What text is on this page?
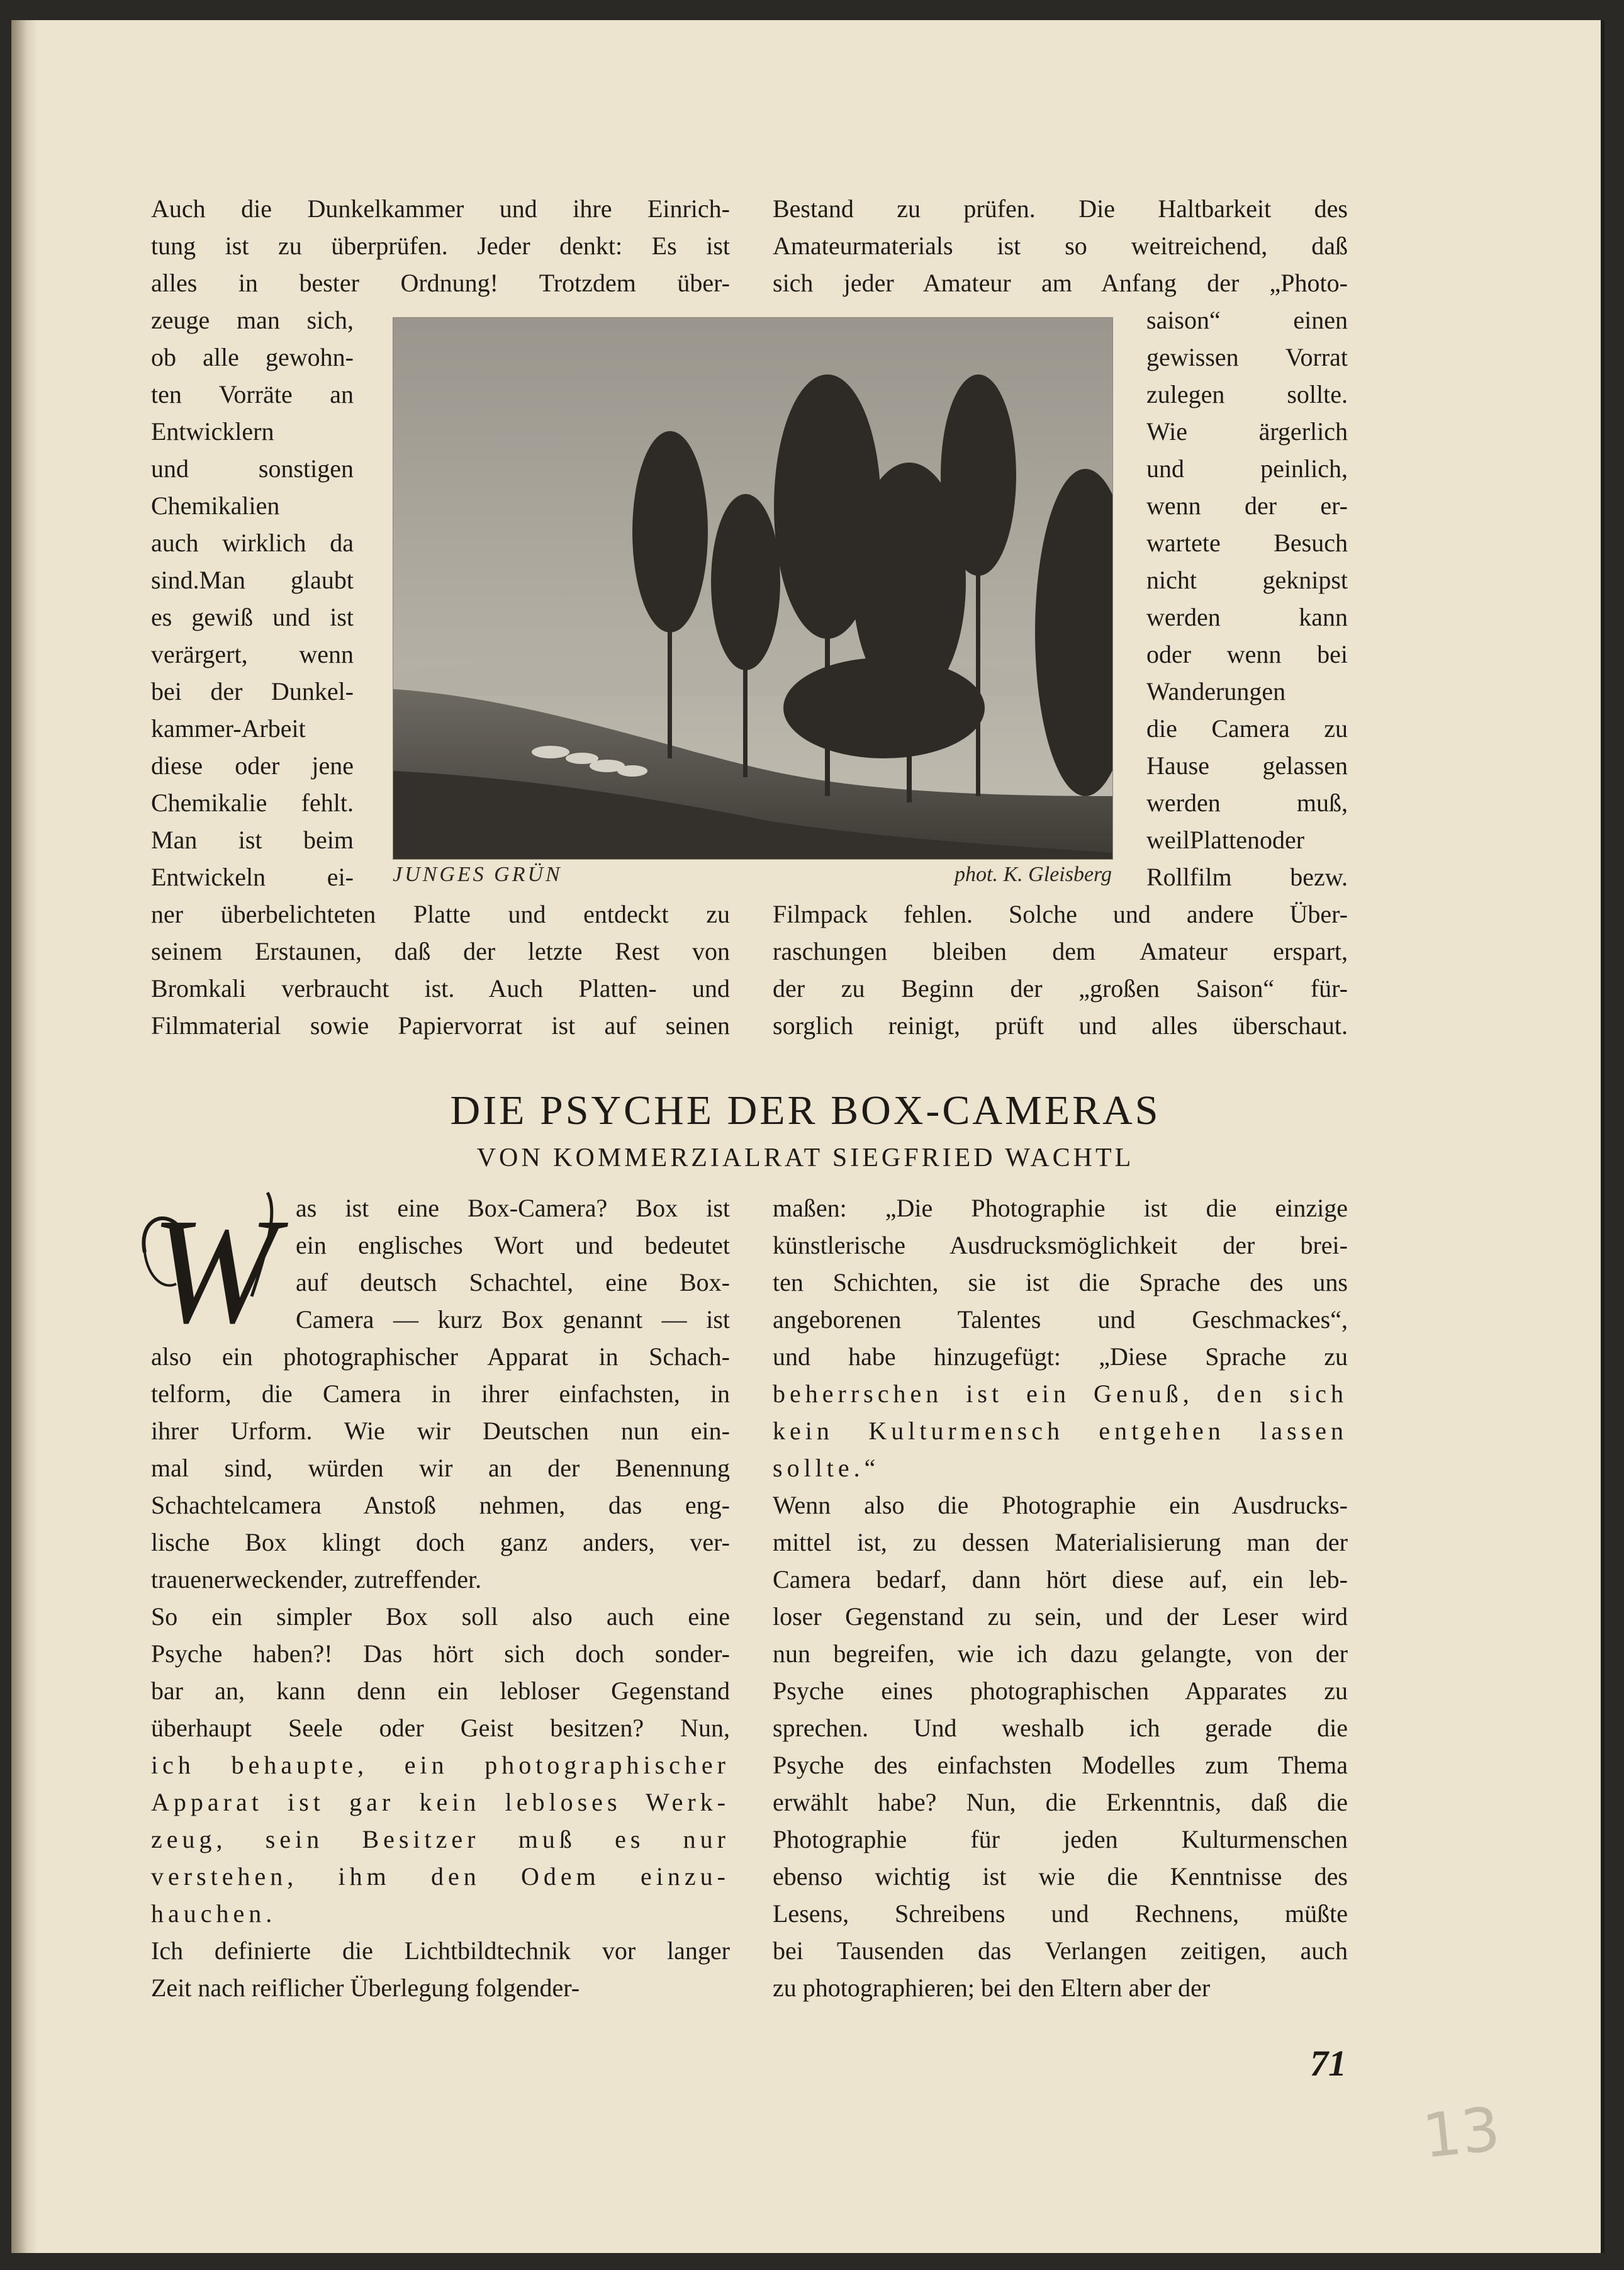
Auch die Dunkelkammer und ihre Einrich-
tung ist zu überprüfen. Jeder denkt: Es ist
alles in bester Ordnung! Trotzdem über-
zeuge man sich,
ob alle gewohn-
ten Vorräte an
Entwicklern
und sonstigen
Chemikalien
auch wirklich da
sind.Man glaubt
es gewiß und ist
verärgert, wenn
bei der Dunkel-
kammer-Arbeit
diese oder jene
Chemikalie fehlt.
Man ist beim
Entwickeln ei-
ner überbelichteten Platte und entdeckt zu
seinem Erstaunen, daß der letzte Rest von
Bromkali verbraucht ist. Auch Platten- und
Filmmaterial sowie Papiervorrat ist auf seinen
Bestand zu prüfen. Die Haltbarkeit des
Amateurmaterials ist so weitreichend, daß
sich jeder Amateur am Anfang der „Photo-
saison“ einen
gewissen Vorrat
zulegen sollte.
Wie ärgerlich
und peinlich,
wenn der er-
wartete Besuch
nicht geknipst
werden kann
oder wenn bei
Wanderungen
die Camera zu
Hause gelassen
werden muß,
weilPlattenoder
Rollfilm bezw.
Filmpack fehlen. Solche und andere Über-
raschungen bleiben dem Amateur erspart,
der zu Beginn der „großen Saison“ für-
sorglich reinigt, prüft und alles überschaut.
JUNGES GRÜN	phot. K. Gleisberg
DIE PSYCHE DER BOX-CAMERAS
VON KOMMERZIALRAT SIEGFRIED WACHTL
W as ist eine Box-Camera? Box ist
ein englisches Wort und bedeutet
auf deutsch Schachtel, eine Box-
Camera — kurz Box genannt — ist
also ein photographischer Apparat in Schach-
telform, die Camera in ihrer einfachsten, in
ihrer Urform. Wie wir Deutschen nun ein-
mal sind, würden wir an der Benennung
Schachtelcamera Anstoß nehmen, das eng-
lische Box klingt doch ganz anders, ver-
trauenerweckender, zutreffender.
So ein simpler Box soll also auch eine
Psyche haben?! Das hört sich doch sonder-
bar an, kann denn ein lebloser Gegenstand
überhaupt Seele oder Geist besitzen? Nun,
ich behaupte, ein photographischer
Apparat ist gar kein lebloses Werk-
zeug, sein Besitzer muß es nur
verstehen, ihm den Odem einzu-
hauchen.
Ich definierte die Lichtbildtechnik vor langer
Zeit nach reiflicher Überlegung folgender-
maßen: „Die Photographie ist die einzige
künstlerische Ausdrucksmöglichkeit der brei-
ten Schichten, sie ist die Sprache des uns
angeborenen Talentes und Geschmackes“,
und habe hinzugefügt: „Diese Sprache zu
beherrschen ist ein Genuß, den sich
kein Kulturmensch entgehen lassen
sollte.“
Wenn also die Photographie ein Ausdrucks-
mittel ist, zu dessen Materialisierung man der
Camera bedarf, dann hört diese auf, ein leb-
loser Gegenstand zu sein, und der Leser wird
nun begreifen, wie ich dazu gelangte, von der
Psyche eines photographischen Apparates zu
sprechen. Und weshalb ich gerade die
Psyche des einfachsten Modelles zum Thema
erwählt habe? Nun, die Erkenntnis, daß die
Photographie für jeden Kulturmenschen
ebenso wichtig ist wie die Kenntnisse des
Lesens, Schreibens und Rechnens, müßte
bei Tausenden das Verlangen zeitigen, auch
zu photographieren; bei den Eltern aber der
71
13
